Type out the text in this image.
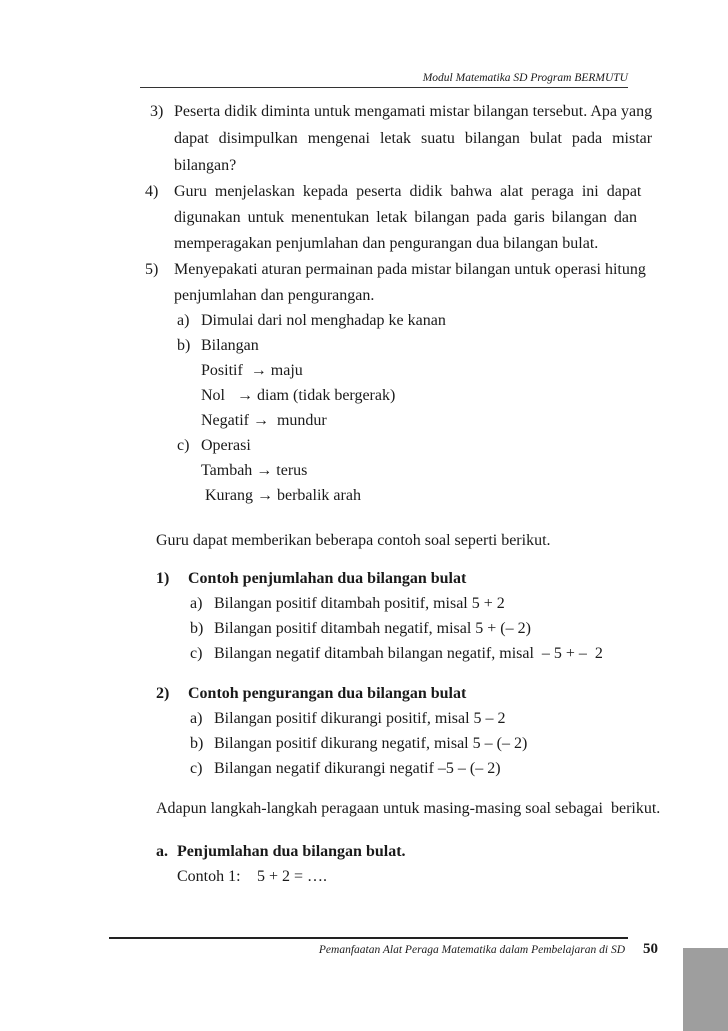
Modul Matematika SD Program BERMUTU
3) Peserta didik diminta untuk mengamati mistar bilangan tersebut. Apa yang
dapat disimpulkan mengenai letak suatu bilangan bulat pada mistar
bilangan?
4) Guru menjelaskan kepada peserta didik bahwa alat peraga ini dapat
digunakan untuk menentukan letak bilangan pada garis bilangan dan
memperagakan penjumlahan dan pengurangan dua bilangan bulat.
5) Menyepakati aturan permainan pada mistar bilangan untuk operasi hitung
penjumlahan dan pengurangan.
a) Dimulai dari nol menghadap ke kanan
b) Bilangan
Positif  → maju
Nol   → diam (tidak bergerak)
Negatif →  mundur
c) Operasi
Tambah → terus
Kurang → berbalik arah
Guru dapat memberikan beberapa contoh soal seperti berikut.
1) Contoh penjumlahan dua bilangan bulat
a) Bilangan positif ditambah positif, misal 5 + 2
b) Bilangan positif ditambah negatif, misal 5 + (– 2)
c) Bilangan negatif ditambah bilangan negatif, misal  – 5 + –  2
2) Contoh pengurangan dua bilangan bulat
a) Bilangan positif dikurangi positif, misal 5 – 2
b) Bilangan positif dikurang negatif, misal 5 – (– 2)
c) Bilangan negatif dikurangi negatif –5 – (– 2)
Adapun langkah-langkah peragaan untuk masing-masing soal sebagai  berikut.
a. Penjumlahan dua bilangan bulat.
Contoh 1: 5 + 2 = ….
Pemanfaatan Alat Peraga Matematika dalam Pembelajaran di SD 50
